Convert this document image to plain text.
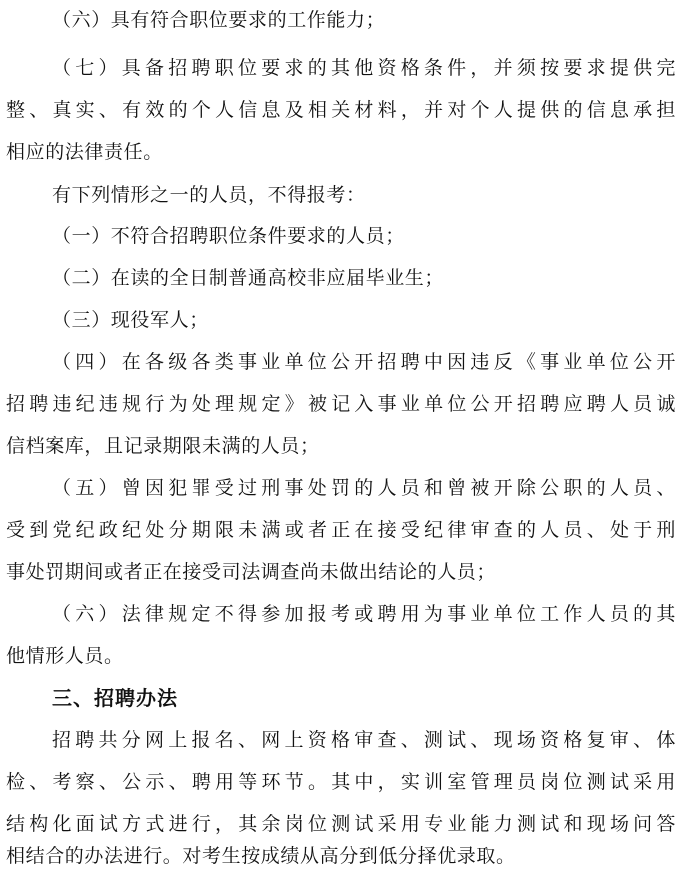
（六）具有符合职位要求的工作能力；
（七）具备招聘职位要求的其他资格条件，并须按要求提供完
整、真实、有效的个人信息及相关材料，并对个人提供的信息承担
相应的法律责任。
有下列情形之一的人员，不得报考：
（一）不符合招聘职位条件要求的人员；
（二）在读的全日制普通高校非应届毕业生；
（三）现役军人；
（四）在各级各类事业单位公开招聘中因违反《事业单位公开
招聘违纪违规行为处理规定》被记入事业单位公开招聘应聘人员诚
信档案库，且记录期限未满的人员；
（五）曾因犯罪受过刑事处罚的人员和曾被开除公职的人员、
受到党纪政纪处分期限未满或者正在接受纪律审查的人员、处于刑
事处罚期间或者正在接受司法调查尚未做出结论的人员；
（六）法律规定不得参加报考或聘用为事业单位工作人员的其
他情形人员。
三、招聘办法
招聘共分网上报名、网上资格审查、测试、现场资格复审、体
检、考察、公示、聘用等环节。其中，实训室管理员岗位测试采用
结构化面试方式进行，其余岗位测试采用专业能力测试和现场问答
相结合的办法进行。对考生按成绩从高分到低分择优录取。
